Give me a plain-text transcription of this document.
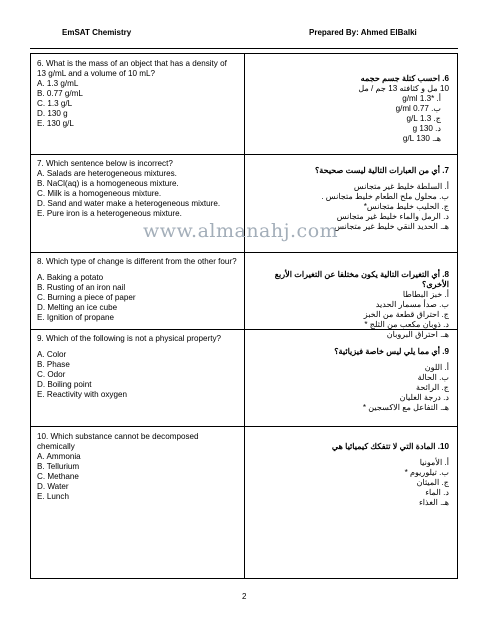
EmSAT Chemistry	Prepared By: Ahmed ElBalki
6. What is the mass of an object that has a density of 13 g/mL and a volume of 10 mL?
A. 1.3 g/mL
B. 0.77 g/mL
C. 1.3 g/L
D. 130 g
E. 130 g/L
6. احسب كتلة جسم حجمه
10 مل و كثافته 13 جم / مل
أ. *1.3 g/ml
ب. 0.77 g/ml
ج. 1.3 g/L
د. 130 g
هـ. 130 g/L
7. Which sentence below is incorrect?
A. Salads are heterogeneous mixtures.
B. NaCl(aq) is a homogeneous mixture.
C. Milk is a homogeneous mixture.
D. Sand and water make a heterogeneous mixture.
E. Pure iron is a heterogeneous mixture.
7. أي من العبارات التالية ليست صحيحة؟
أ. السلطة خليط غير متجانس
ب. محلول ملح الطعام خليط متجانس .
ج. الحليب خليط متجانس*
د. الرمل والماء خليط غير متجانس
هـ. الحديد النقي خليط غير متجانس
8. Which type of change is different from the other four?
A. Baking a potato
B. Rusting of an iron nail
C. Burning a piece of paper
D. Melting an ice cube
E. Ignition of propane
8. أي التغيرات التالية يكون مختلفا عن التغيرات الأربع الأخرى؟
أ. خبز البطاطا
ب. صدأ مسمار الحديد
ج. احتراق قطعة من الخبز
د. ذوبان مكعب من الثلج *
هـ. احتراق البروبان
9. Which of the following is not a physical property?
A. Color
B. Phase
C. Odor
D. Boiling point
E. Reactivity with oxygen
9. أي مما يلي ليس خاصة فيزيائية؟
أ. اللون
ب. الحالة
ج. الرائحة
د. درجة الغليان
هـ. التفاعل مع الاكسجين *
10. Which substance cannot be decomposed chemically
A. Ammonia
B. Tellurium
C. Methane
D. Water
E. Lunch
10. المادة التي لا تتفكك كيميائيا هي
أ. الأمونيا
ب. تيلوريوم *
ج. الميثان
د. الماء
هـ. الغذاء
www.almanahj.com
2
